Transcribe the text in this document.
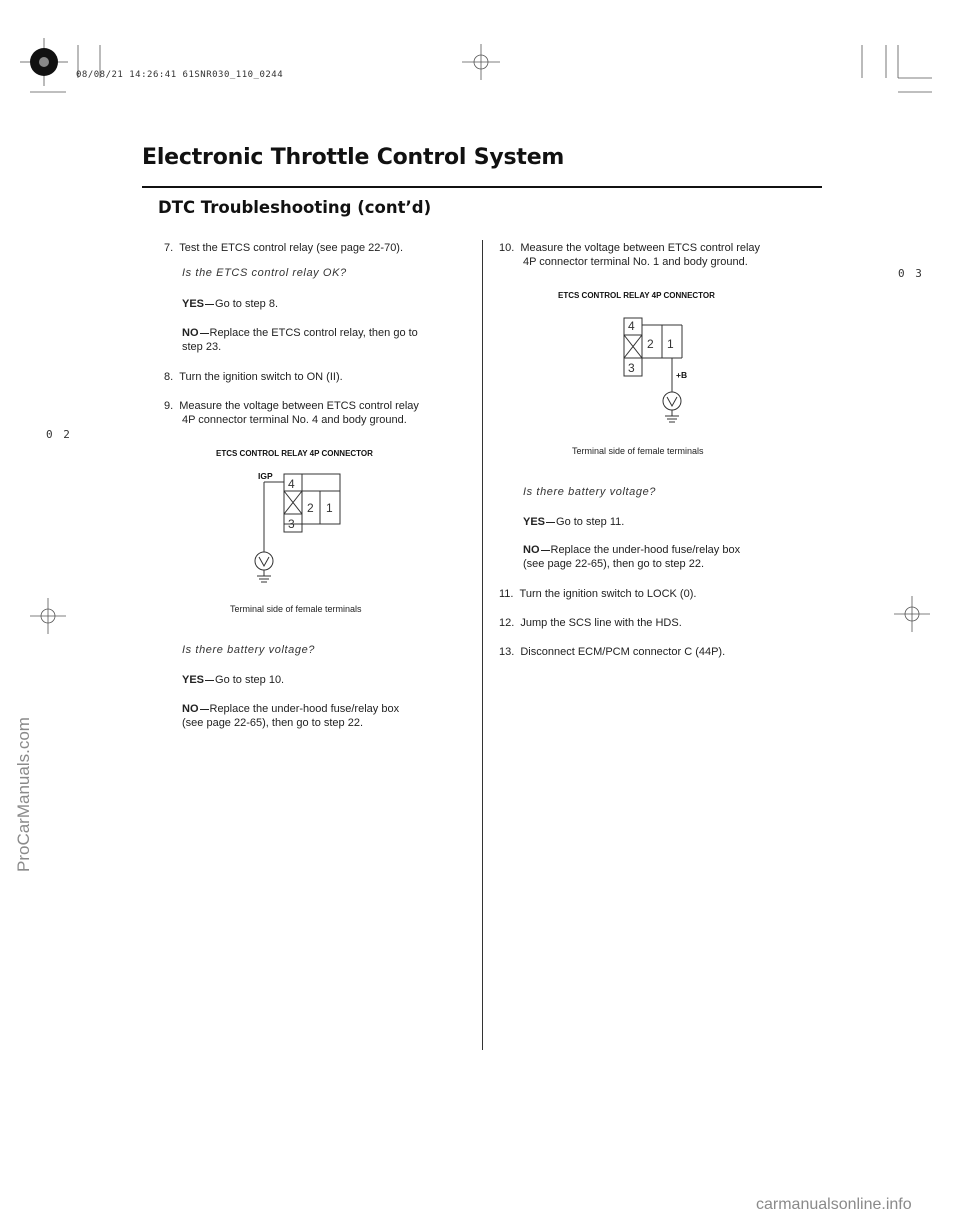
08/08/21 14:26:41 61SNR030_110_0244
Electronic Throttle Control System
DTC Troubleshooting (cont’d)
0 3
0 2
7. Test the ETCS control relay (see page 22-70).
Is the ETCS control relay OK?
YES Go to step 8.
NO Replace the ETCS control relay, then go to
step 23.
8. Turn the ignition switch to ON (II).
9. Measure the voltage between ETCS control relay
4P connector terminal No. 4 and body ground.
ETCS CONTROL RELAY 4P CONNECTOR
4
2 1
3
IGP
Terminal side of female terminals
Is there battery voltage?
YES Go to step 10.
NO Replace the under-hood fuse/relay box
(see page 22-65), then go to step 22.
10. Measure the voltage between ETCS control relay
4P connector terminal No. 1 and body ground.
ETCS CONTROL RELAY 4P CONNECTOR
4
2 1
3	+B
Terminal side of female terminals
Is there battery voltage?
YES Go to step 11.
NO Replace the under-hood fuse/relay box
(see page 22-65), then go to step 22.
11. Turn the ignition switch to LOCK (0).
12. Jump the SCS line with the HDS.
13. Disconnect ECM/PCM connector C (44P).
ProCarManuals.com
carmanualsonline.info
